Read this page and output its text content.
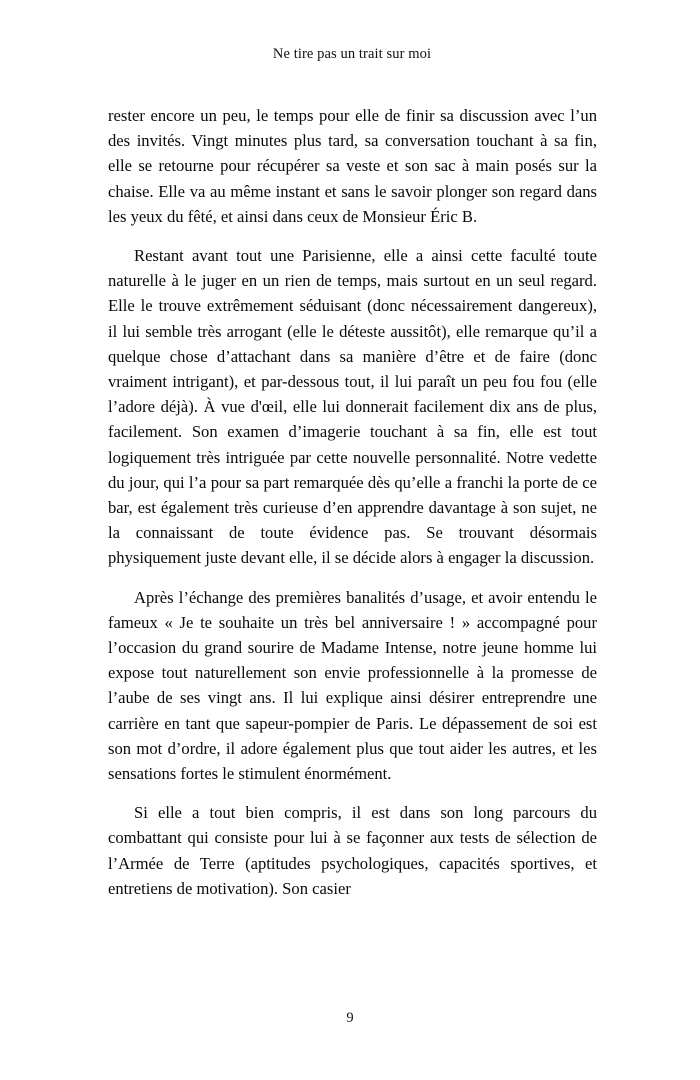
Ne tire pas un trait sur moi

rester encore un peu, le temps pour elle de finir sa discussion avec l’un des invités. Vingt minutes plus tard, sa conversation touchant à sa fin, elle se retourne pour récupérer sa veste et son sac à main posés sur la chaise. Elle va au même instant et sans le savoir plonger son regard dans les yeux du fêté, et ainsi dans ceux de Monsieur Éric B.

Restant avant tout une Parisienne, elle a ainsi cette faculté toute naturelle à le juger en un rien de temps, mais surtout en un seul regard. Elle le trouve extrêmement séduisant (donc nécessairement dangereux), il lui semble très arrogant (elle le déteste aussitôt), elle remarque qu’il a quelque chose d’attachant dans sa manière d’être et de faire (donc vraiment intrigant), et par-dessous tout, il lui paraît un peu fou fou (elle l’adore déjà). À vue d'œil, elle lui donnerait facilement dix ans de plus, facilement. Son examen d’imagerie touchant à sa fin, elle est tout logiquement très intriguée par cette nouvelle personnalité. Notre vedette du jour, qui l’a pour sa part remarquée dès qu’elle a franchi la porte de ce bar, est également très curieuse d’en apprendre davantage à son sujet, ne la connaissant de toute évidence pas. Se trouvant désormais physiquement juste devant elle, il se décide alors à engager la discussion.

Après l’échange des premières banalités d’usage, et avoir entendu le fameux « Je te souhaite un très bel anniversaire ! » accompagné pour l’occasion du grand sourire de Madame Intense, notre jeune homme lui expose tout naturellement son envie professionnelle à la promesse de l’aube de ses vingt ans. Il lui explique ainsi désirer entreprendre une carrière en tant que sapeur-pompier de Paris. Le dépassement de soi est son mot d’ordre, il adore également plus que tout aider les autres, et les sensations fortes le stimulent énormément.

Si elle a tout bien compris, il est dans son long parcours du combattant qui consiste pour lui à se façonner aux tests de sélection de l’Armée de Terre (aptitudes psychologiques, capacités sportives, et entretiens de motivation). Son casier

9
